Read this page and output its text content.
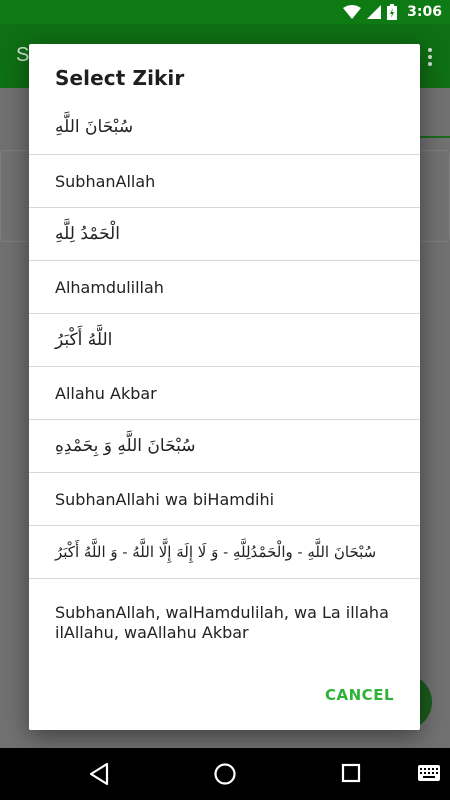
3:06
S
Select Zikir
سُبْحَانَ اللَّهِ
SubhanAllah
الْحَمْدُ لِلَّهِ
Alhamdulillah
اللَّهُ أَكْبَرُ
Allahu Akbar
سُبْحَانَ اللَّهِ وَ بِحَمْدِهِ
SubhanAllahi wa biHamdihi
سُبْحَانَ اللَّهِ - والْحَمْدُلِلَّهِ - وَ لَا إِلَهَ إِلَّا اللَّهُ - وَ اللَّهُ أَكْبَرُ
SubhanAllah, walHamdulilah, wa La illaha ilAllahu, waAllahu Akbar
CANCEL
